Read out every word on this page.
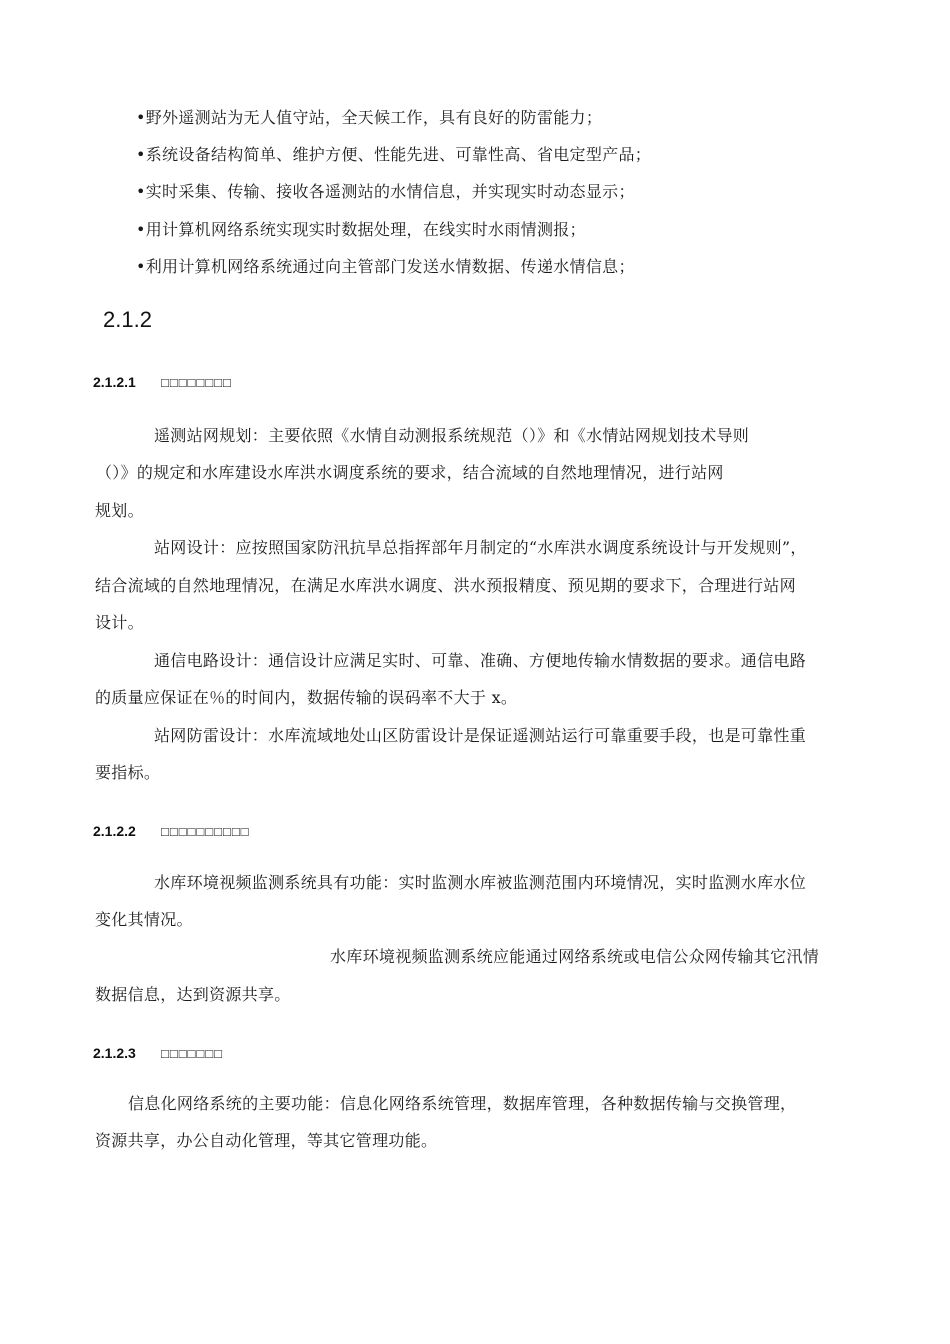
•野外遥测站为无人值守站，全天候工作，具有良好的防雷能力；
•系统设备结构简单、维护方便、性能先进、可靠性高、省电定型产品；
•实时采集、传输、接收各遥测站的水情信息，并实现实时动态显示；
•用计算机网络系统实现实时数据处理，在线实时水雨情测报；
•利用计算机网络系统通过向主管部门发送水情数据、传递水情信息；
2.1.2
2.1.2.1 □□□□□□□□
遥测站网规划：主要依照《水情自动测报系统规范（）》和《水情站网规划技术导则
（）》的规定和水库建设水库洪水调度系统的要求，结合流域的自然地理情况，进行站网
规划。
站网设计：应按照国家防汛抗旱总指挥部年月制定的“水库洪水调度系统设计与开发规则”，
结合流域的自然地理情况，在满足水库洪水调度、洪水预报精度、预见期的要求下，合理进行站网
设计。
通信电路设计：通信设计应满足实时、可靠、准确、方便地传输水情数据的要求。通信电路
的质量应保证在％的时间内，数据传输的误码率不大于 x。
站网防雷设计：水库流域地处山区防雷设计是保证遥测站运行可靠重要手段，也是可靠性重
要指标。
2.1.2.2 □□□□□□□□□□
水库环境视频监测系统具有功能：实时监测水库被监测范围内环境情况，实时监测水库水位
变化其情况。
水库环境视频监测系统应能通过网络系统或电信公众网传输其它汛情
数据信息，达到资源共享。
2.1.2.3 □□□□□□□
信息化网络系统的主要功能：信息化网络系统管理，数据库管理，各种数据传输与交换管理，
资源共享，办公自动化管理，等其它管理功能。
